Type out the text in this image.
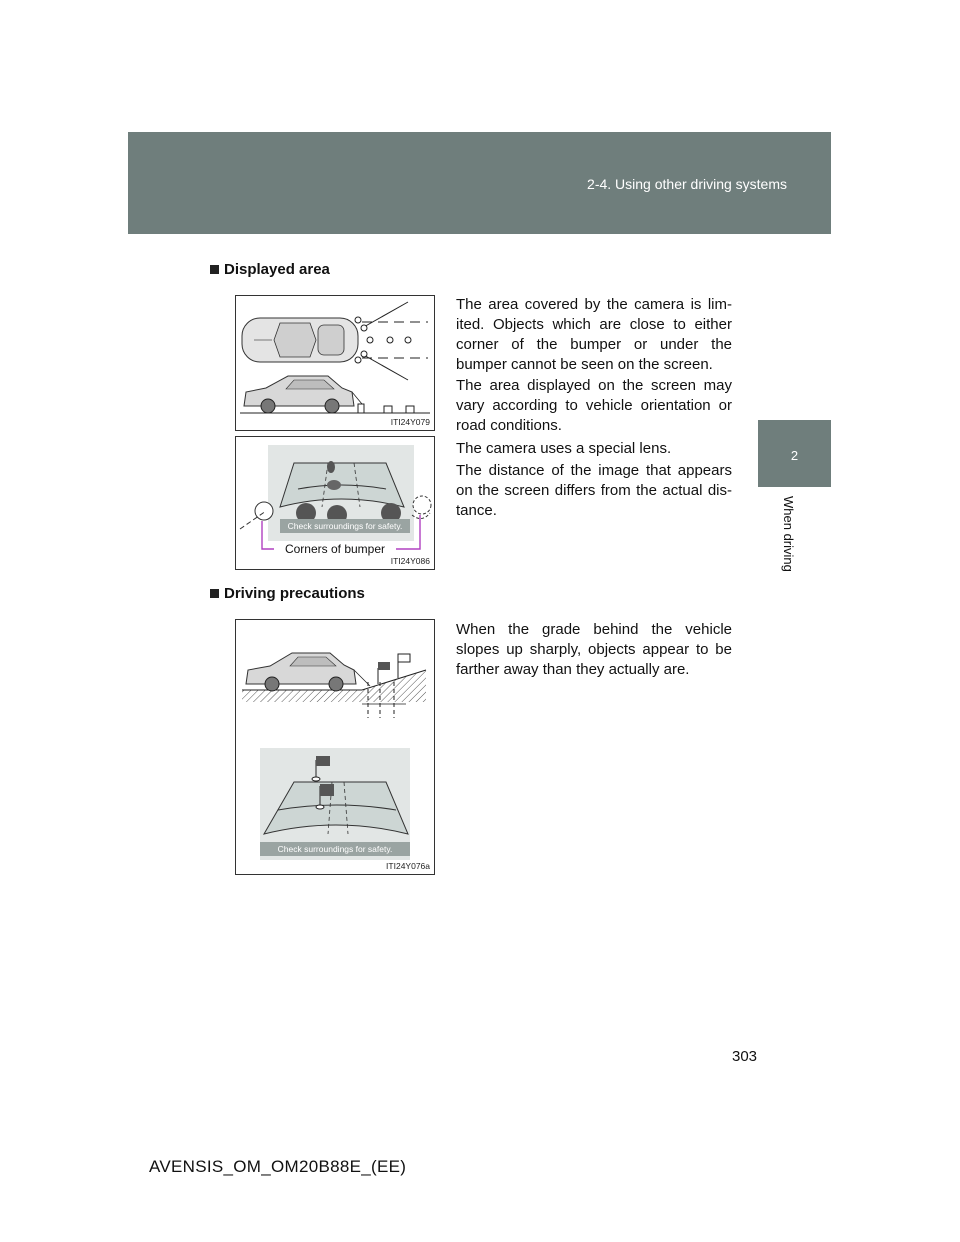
2-4. Using other driving systems
2
When driving
Displayed area

The area covered by the camera is lim-ited. Objects which are close to either corner of the bumper or under the bumper cannot be seen on the screen.

The area displayed on the screen may vary according to vehicle orientation or road conditions.

The camera uses a special lens.

The distance of the image that appears on the screen differs from the actual dis-tance.

ITI24Y079
Check surroundings for safety.
Corners of bumper
ITI24Y086
Driving precautions

When the grade behind the vehicle slopes up sharply, objects appear to be farther away than they actually are.

Check surroundings for safety.
ITI24Y076a
303
AVENSIS_OM_OM20B88E_(EE)
